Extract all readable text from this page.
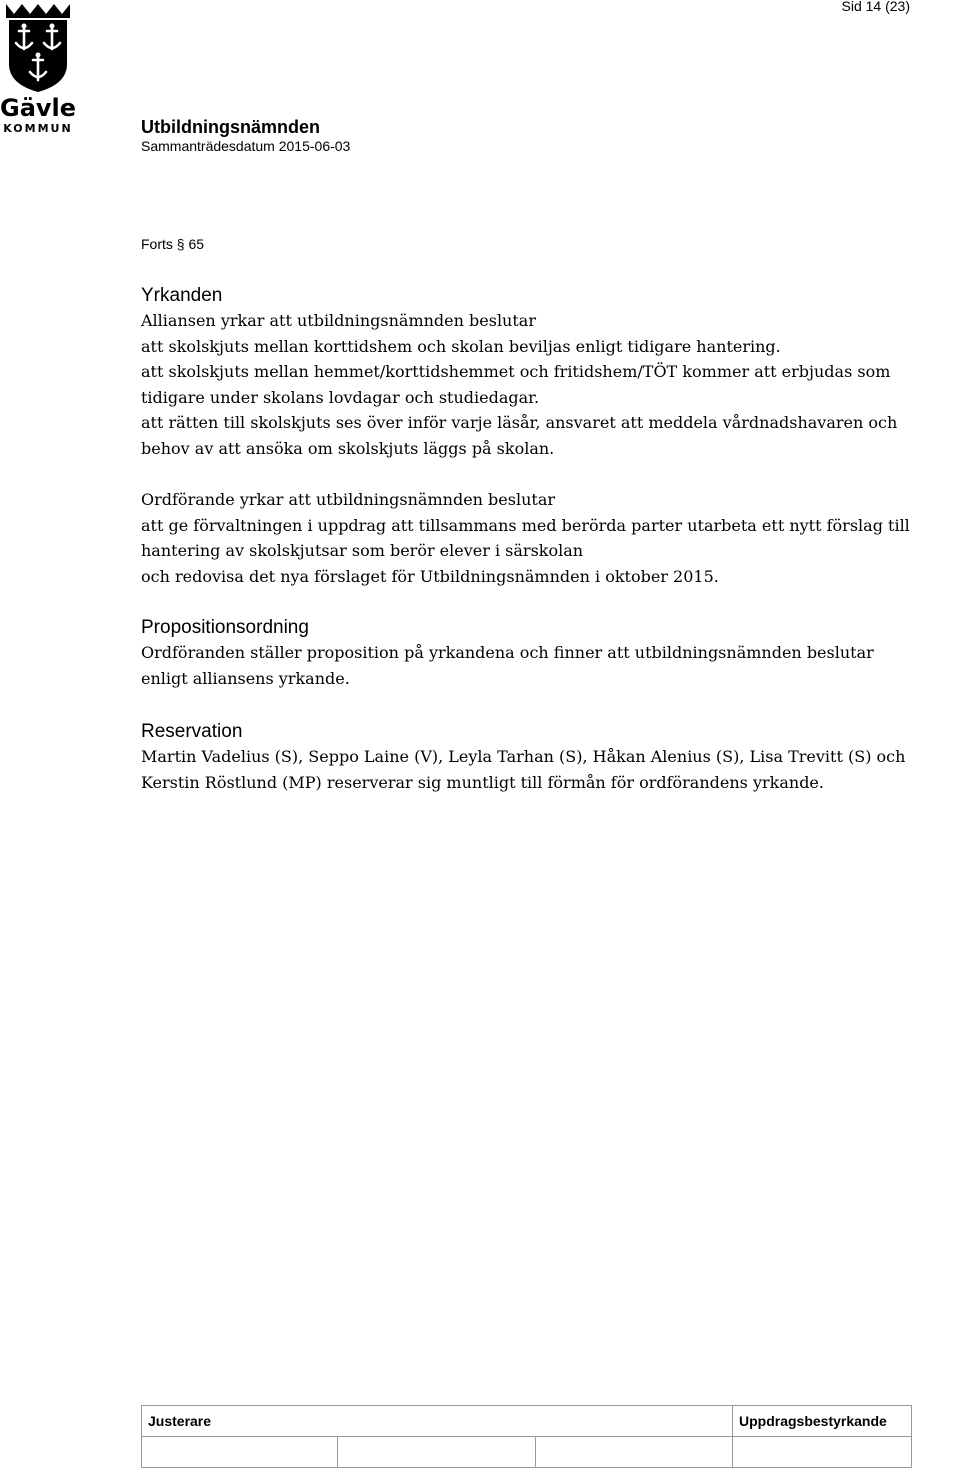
Sid 14 (23)
Gävle
KOMMUN	Utbildningsnämnden
Sammanträdesdatum 2015-06-03
Forts § 65
Yrkanden

Alliansen yrkar att utbildningsnämnden beslutar
att skolskjuts mellan korttidshem och skolan beviljas enligt tidigare hantering.
att skolskjuts mellan hemmet/korttidshemmet och fritidshem/TÖT kommer att erbjudas som tidigare under skolans lovdagar och studiedagar.
att rätten till skolskjuts ses över inför varje läsår, ansvaret att meddela vårdnadshavaren och behov av att ansöka om skolskjuts läggs på skolan.

Ordförande yrkar att utbildningsnämnden beslutar
att ge förvaltningen i uppdrag att tillsammans med berörda parter utarbeta ett nytt förslag till hantering av skolskjutsar som berör elever i särskolan
och redovisa det nya förslaget för Utbildningsnämnden i oktober 2015.

Propositionsordning

Ordföranden ställer proposition på yrkandena och finner att utbildningsnämnden beslutar enligt alliansens yrkande.

Reservation

Martin Vadelius (S), Seppo Laine (V), Leyla Tarhan (S), Håkan Alenius (S), Lisa Trevitt (S) och Kerstin Röstlund (MP) reserverar sig muntligt till förmån för ordförandens yrkande.

Justerare			Uppdragsbestyrkande
